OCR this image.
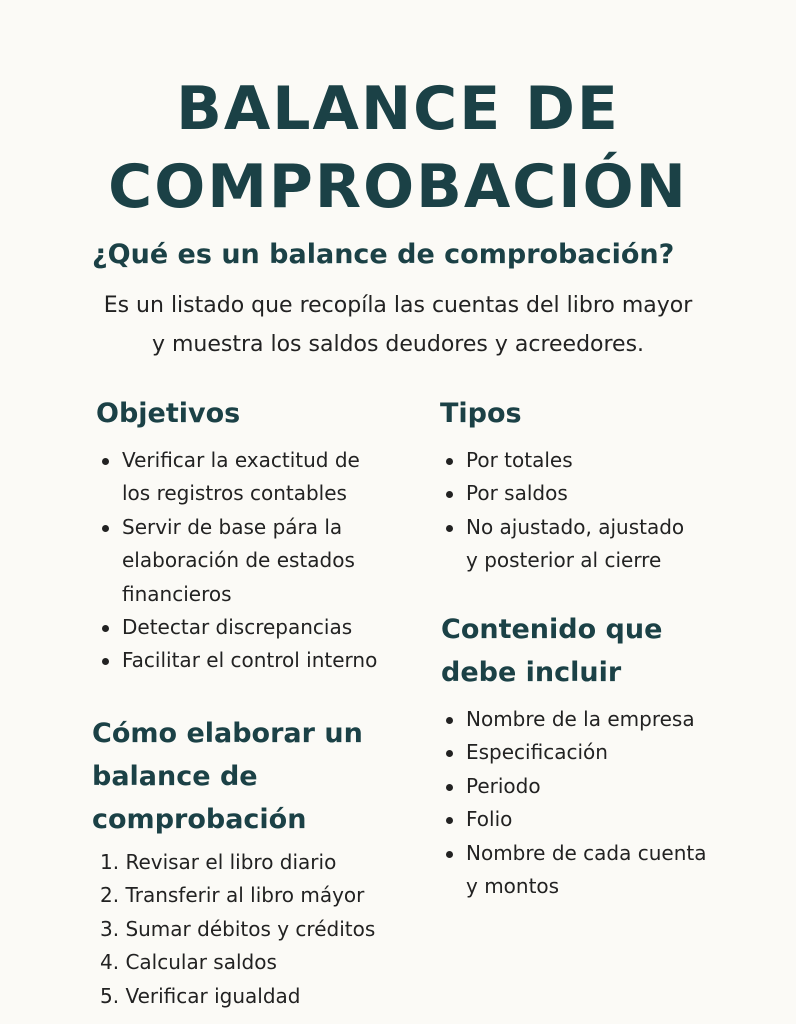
BALANCE DE
COMPROBACIÓN
¿Qué es un balance de comprobación?
Es un listado que recopíla las cuentas del libro mayor
y muestra los saldos deudores y acreedores.
Objetivos
Verificar la exactitud de
los registros contables
Servir de base pára la
elaboración de estados
financieros
Detectar discrepancias
Facilitar el control interno
Tipos
Por totales
Por saldos
No ajustado, ajustado
y posterior al cierre
Cómo elaborar un
balance de
comprobación
1. Revisar el libro diario
2. Transferir al libro máyor
3. Sumar débitos y créditos
4. Calcular saldos
5. Verificar igualdad
Contenido que
debe incluir
Nombre de la empresa
Especificación
Periodo
Folio
Nombre de cada cuenta
y montos
